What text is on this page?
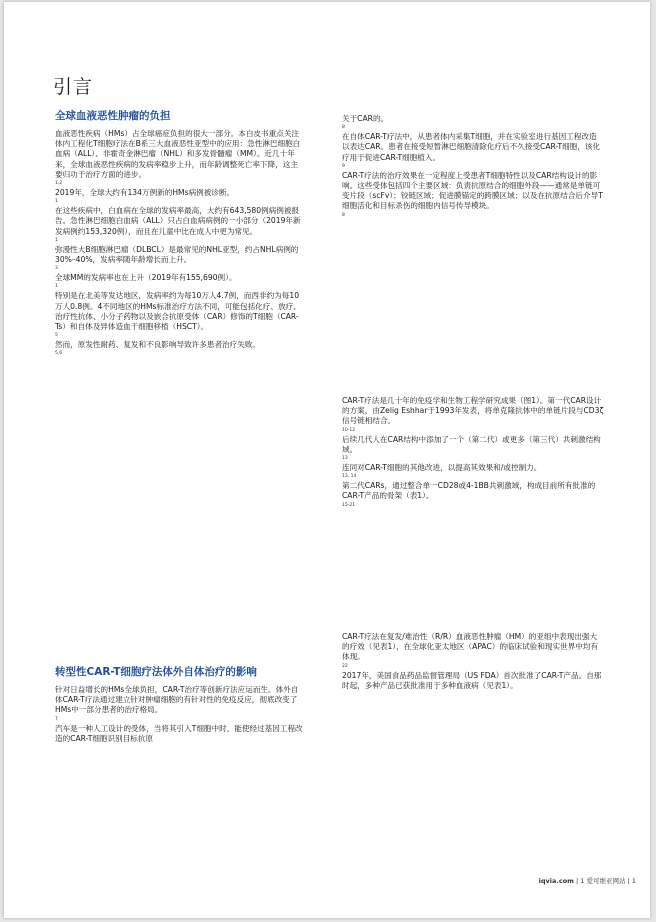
引言
全球血液恶性肿瘤的负担

血液恶性疾病（HMs）占全球癌症负担的很大一部分。本白皮书重点关注体内工程化T细胞疗法在B系三大血液恶性亚型中的应用：急性淋巴细胞白血病（ALL）、非霍奇金淋巴瘤（NHL）和多发骨髓瘤（MM）。近几十年来，全球血液恶性疾病的发病率稳步上升，而年龄调整死亡率下降，这主要归功于治疗方面的进步。

1,2

2019年，全球大约有134万例新的HMs病例被诊断。

1

在这些疾病中，白血病在全球的发病率最高，大约有643,580例病例被报告。急性淋巴细胞白血病（ALL）只占白血病病例的一小部分（2019年新发病例约153,320例），而且在儿童中比在成人中更为常见。

1

弥漫性大B细胞淋巴瘤（DLBCL）是最常见的NHL亚型，约占NHL病例的30%–40%，发病率随年龄增长而上升。

3

全球MM的发病率也在上升（2019年有155,690例）。

1

特别是在北美等发达地区，发病率约为每10万人4.7例，而西非约为每10万人0.8例。4不同地区的HMs标准治疗方法不同，可能包括化疗、放疗、治疗性抗体、小分子药物以及嵌合抗原受体（CAR）修饰的T细胞（CAR-Ts）和自体及异体造血干细胞移植（HSCT）。

5

然而，原发性耐药、复发和不良影响导致许多患者治疗失败。

5,6

关于CAR的。

8

在自体CAR-T疗法中，从患者体内采集T细胞，并在实验室进行基因工程改造以表达CAR。患者在接受短暂淋巴细胞清除化疗后不久接受CAR-T细胞，该化疗用于促进CAR-T细胞植入。

9

CAR-T疗法的治疗效果在一定程度上受患者T细胞特性以及CAR结构设计的影响。这些受体包括四个主要区域：负责抗原结合的细胞外段——通常是单链可变片段（scFv）；铰链区域；促进膜锚定的跨膜区域；以及在抗原结合后介导T细胞活化和目标杀伤的细胞内信号传导模块。

8

CAR-T疗法是几十年的免疫学和生物工程学研究成果（图1）。第一代CAR设计的方案，由Zelig Eshhar于1993年发表，将单克隆抗体中的单链片段与CD3ζ信号链相结合。

10-12

后续几代人在CAR结构中添加了一个（第二代）或更多（第三代）共刺激结构域。

13

连同对CAR-T细胞的其他改进，以提高其效果和/或控制力。

13, 14

第二代CARs，通过整合单一CD28或4-1BB共刺激域，构成目前所有批准的CAR-T产品的骨架（表1）。

15-21
转型性CAR-T细胞疗法体外自体治疗的影响

针对日益增长的HMs全球负担，CAR-T治疗等创新疗法应运而生。体外自体CAR-T疗法通过建立针对肿瘤细胞的有针对性的免疫反应，彻底改变了HMs中一部分患者的治疗格局。

7

汽车是一种人工设计的受体，当将其引入T细胞中时，能使经过基因工程改造的CAR-T细胞识别目标抗原

CAR-T疗法在复发/难治性（R/R）血液恶性肿瘤（HM）的亚组中表现出强大的疗效（见表1），在全球化亚太地区（APAC）的临床试验和现实世界中均有体现。

22

2017年，美国食品药品监督管理局（US FDA）首次批准了CAR-T产品。自那时起，多种产品已获批准用于多种血液病（见表1）。

iqvia.com | 1 爱可维亚网站 | 1
